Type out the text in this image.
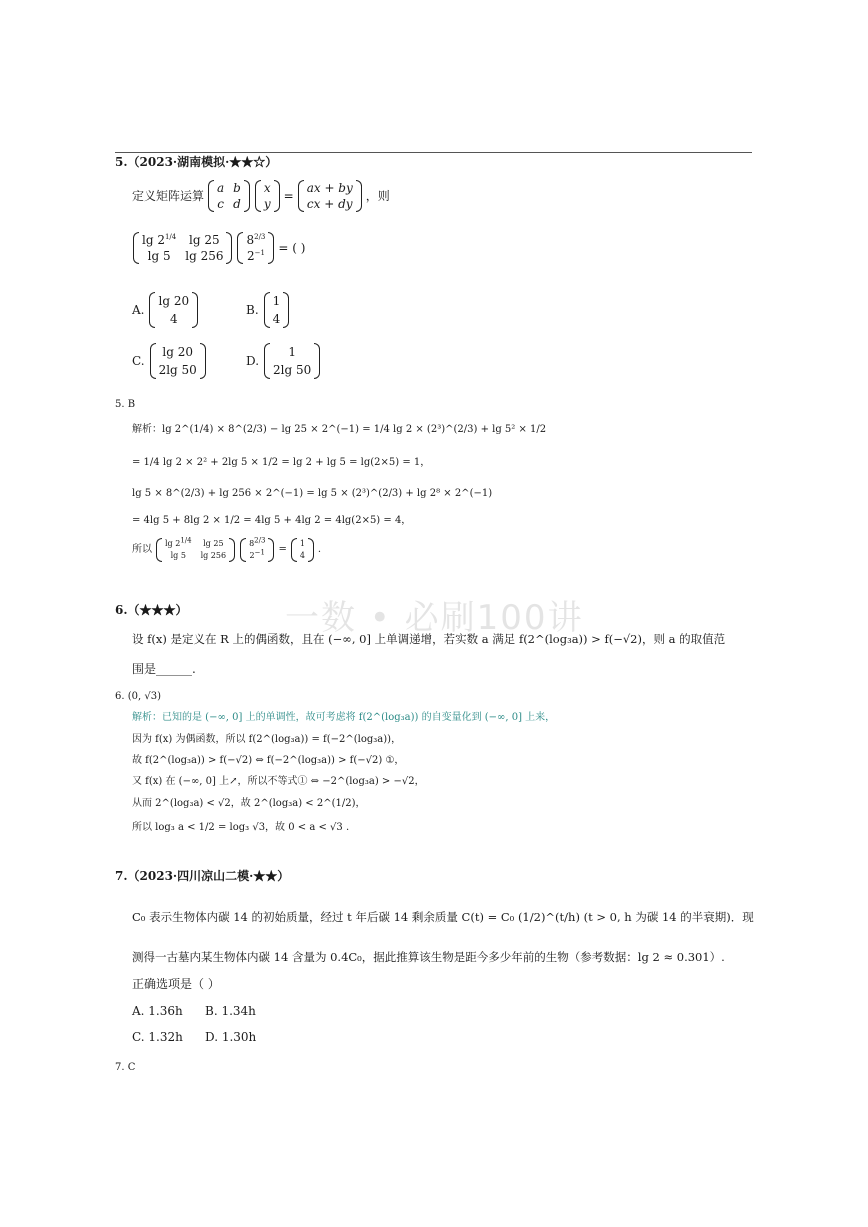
一数 • 必刷100讲
5.（2023·湖南模拟·★★☆）
定义矩阵运算
a b
c d
x
y
=
ax + by
cx + dy
，则
$\lg 2^{1/4}$ lg 25
lg 5 lg 256
$8^{2/3}$
$2^{-1}$ = ( )
A.
lg 20
4
B.
1
4
C.
lg 20
2lg 50
D.
1
2lg 50
5. B
解析：lg 2^(1/4) × 8^(2/3) − lg 25 × 2^(−1) = 1/4 lg 2 × (2³)^(2/3) + lg 5² × 1/2
= 1/4 lg 2 × 2² + 2lg 5 × 1/2 = lg 2 + lg 5 = lg(2×5) = 1，
lg 5 × 8^(2/3) + lg 256 × 2^(−1) = lg 5 × (2³)^(2/3) + lg 2⁸ × 2^(−1)
= 4lg 5 + 8lg 2 × 1/2 = 4lg 5 + 4lg 2 = 4lg(2×5) = 4，
所以
$\lg 2^{1/4}$ lg 25
lg 5 lg 256
$8^{2/3}$
$2^{-1}$ =
1
4
.
6.（★★★）
设 f(x) 是定义在 R 上的偶函数，且在 (−∞, 0] 上单调递增，若实数 a 满足 f(2^(log₃a)) > f(−√2)，则 a 的取值范
围是______.
6. (0, √3)
解析：已知的是 (−∞, 0] 上的单调性，故可考虑将 f(2^(log₃a)) 的自变量化到 (−∞, 0] 上来，
因为 f(x) 为偶函数，所以 f(2^(log₃a)) = f(−2^(log₃a))，
故 f(2^(log₃a)) > f(−√2) ⇔ f(−2^(log₃a)) > f(−√2) ①，
又 f(x) 在 (−∞, 0] 上↗，所以不等式① ⇔ −2^(log₃a) > −√2，
从而 2^(log₃a) < √2，故 2^(log₃a) < 2^(1/2)，
所以 log₃ a < 1/2 = log₃ √3，故 0 < a < √3 .
7.（2023·四川凉山二模·★★）
C₀ 表示生物体内碳 14 的初始质量，经过 t 年后碳 14 剩余质量 C(t) = C₀ (1/2)^(t/h) (t > 0, h 为碳 14 的半衰期)．现
测得一古墓内某生物体内碳 14 含量为 0.4C₀，据此推算该生物是距今多少年前的生物（参考数据：lg 2 ≈ 0.301）.
正确选项是（ ）
A. 1.36h B. 1.34h
C. 1.32h D. 1.30h
7. C
